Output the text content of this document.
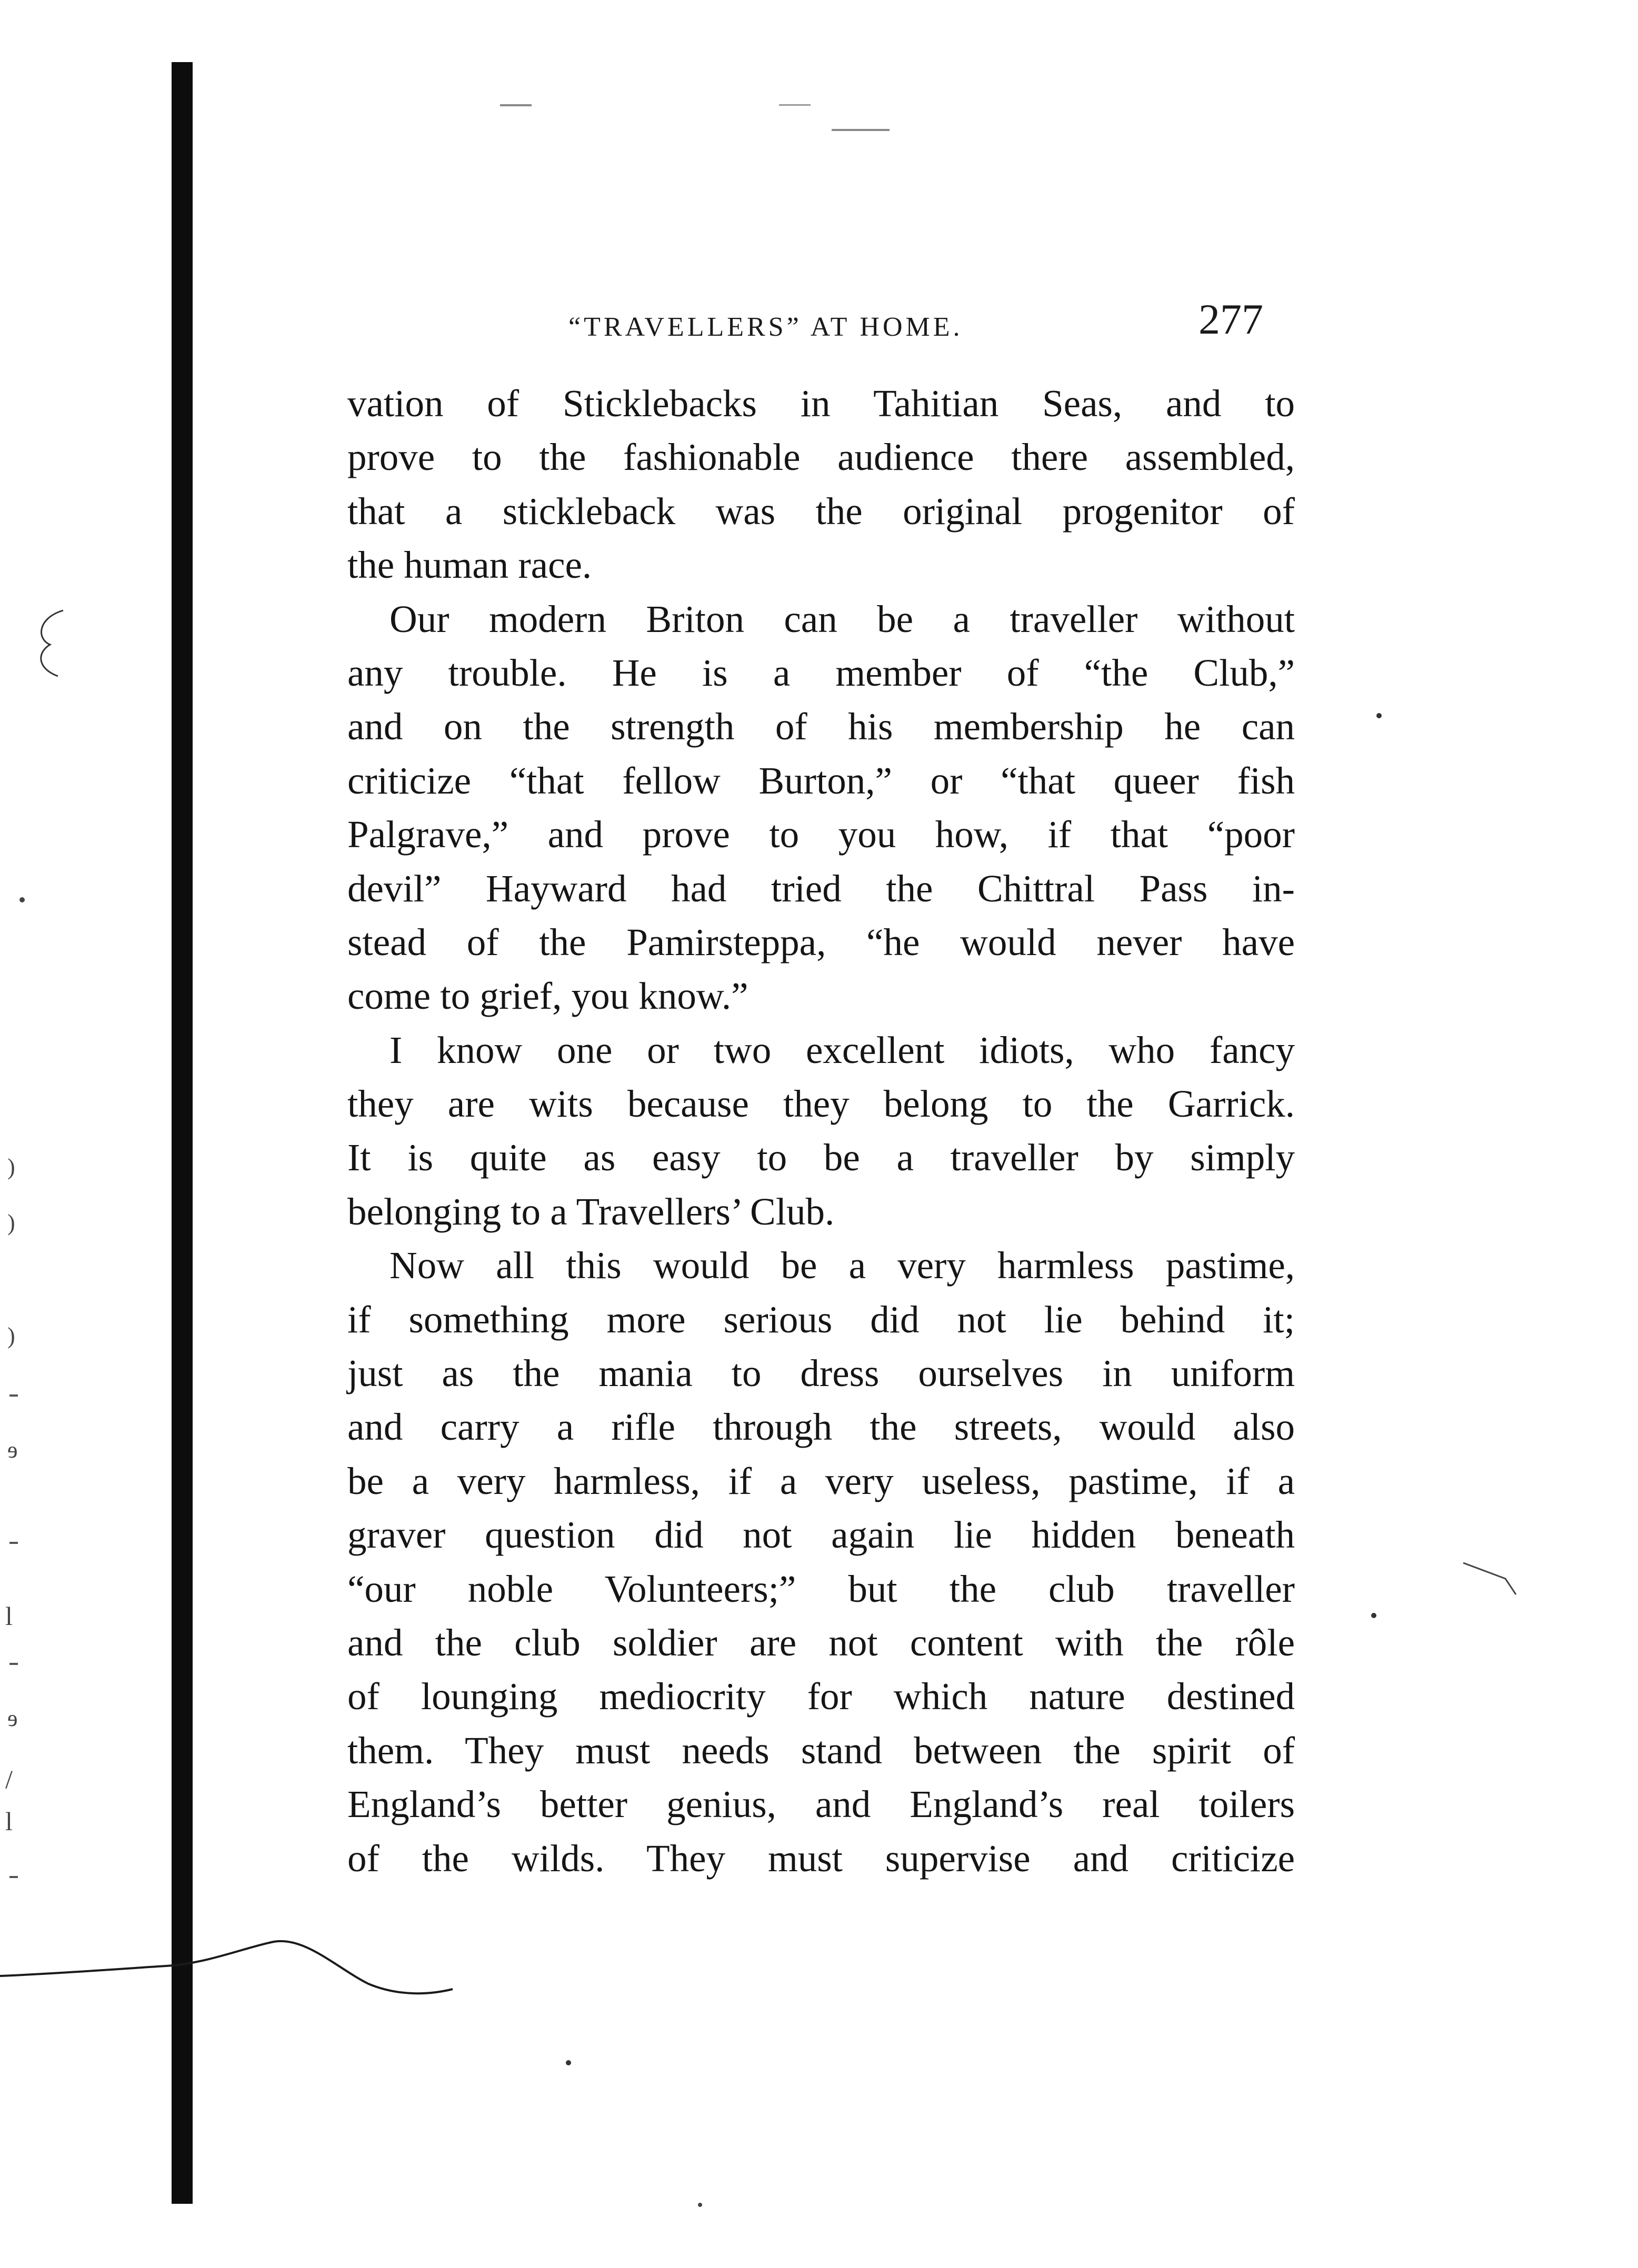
)
)
)
ɘ
l
ɘ
/
l
“TRAVELLERS” AT HOME.	277
vation of Sticklebacks in Tahitian Seas, and to
prove to the fashionable audience there assembled,
that a stickleback was the original progenitor of
the human race.
Our modern Briton can be a traveller without
any trouble. He is a member of “the Club,”
and on the strength of his membership he can
criticize “that fellow Burton,” or “that queer fish
Palgrave,” and prove to you how, if that “poor
devil” Hayward had tried the Chittral Pass in-
stead of the Pamirsteppa, “he would never have
come to grief, you know.”
I know one or two excellent idiots, who fancy
they are wits because they belong to the Garrick.
It is quite as easy to be a traveller by simply
belonging to a Travellers’ Club.
Now all this would be a very harmless pastime,
if something more serious did not lie behind it;
just as the mania to dress ourselves in uniform
and carry a rifle through the streets, would also
be a very harmless, if a very useless, pastime, if a
graver question did not again lie hidden beneath
“our noble Volunteers;” but the club traveller
and the club soldier are not content with the rôle
of lounging mediocrity for which nature destined
them. They must needs stand between the spirit of
England’s better genius, and England’s real toilers
of the wilds. They must supervise and criticize
